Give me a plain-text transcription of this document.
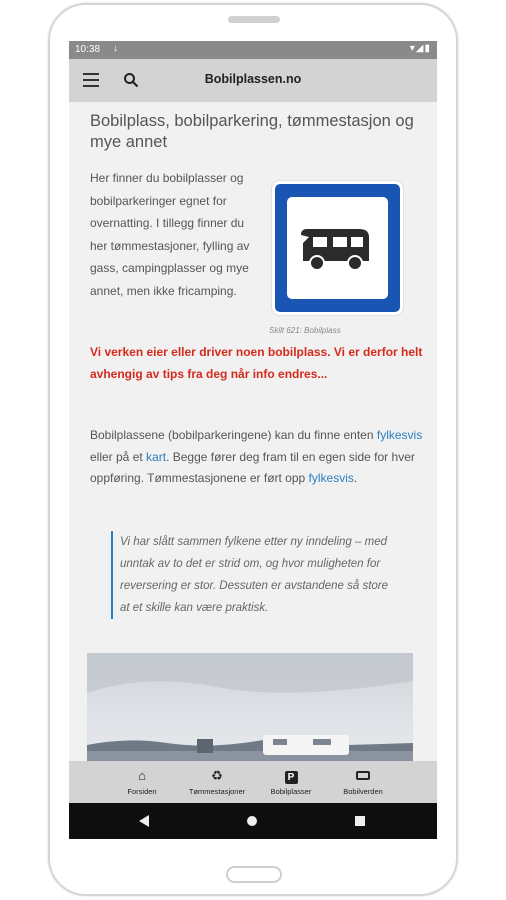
10:38 ↓	▾◢▮
Bobilplassen.no
Bobilplass, bobilparkering, tømmestasjon og mye annet

Her finner du bobilplasser og bobilparkeringer egnet for overnatting. I tillegg finner du her tømmestasjoner, fylling av gass, campingplasser og mye annet, men ikke fricamping.

Skilt 621: Bobilplass

Vi verken eier eller driver noen bobilplass. Vi er derfor helt avhengig av tips fra deg når info endres...

Bobilplassene (bobilparkeringene) kan du finne enten fylkesvis eller på et kart. Begge fører deg fram til en egen side for hver oppføring. Tømmestasjonene er ført opp fylkesvis.

Vi har slått sammen fylkene etter ny inndeling – med unntak av to det er strid om, og hvor muligheten for reversering er stor. Dessuten er avstandene så store at et skille kan være praktisk.
⌂
Forsiden
♻
Tømmestasjoner
P
Bobilplasser	Bobilverden
